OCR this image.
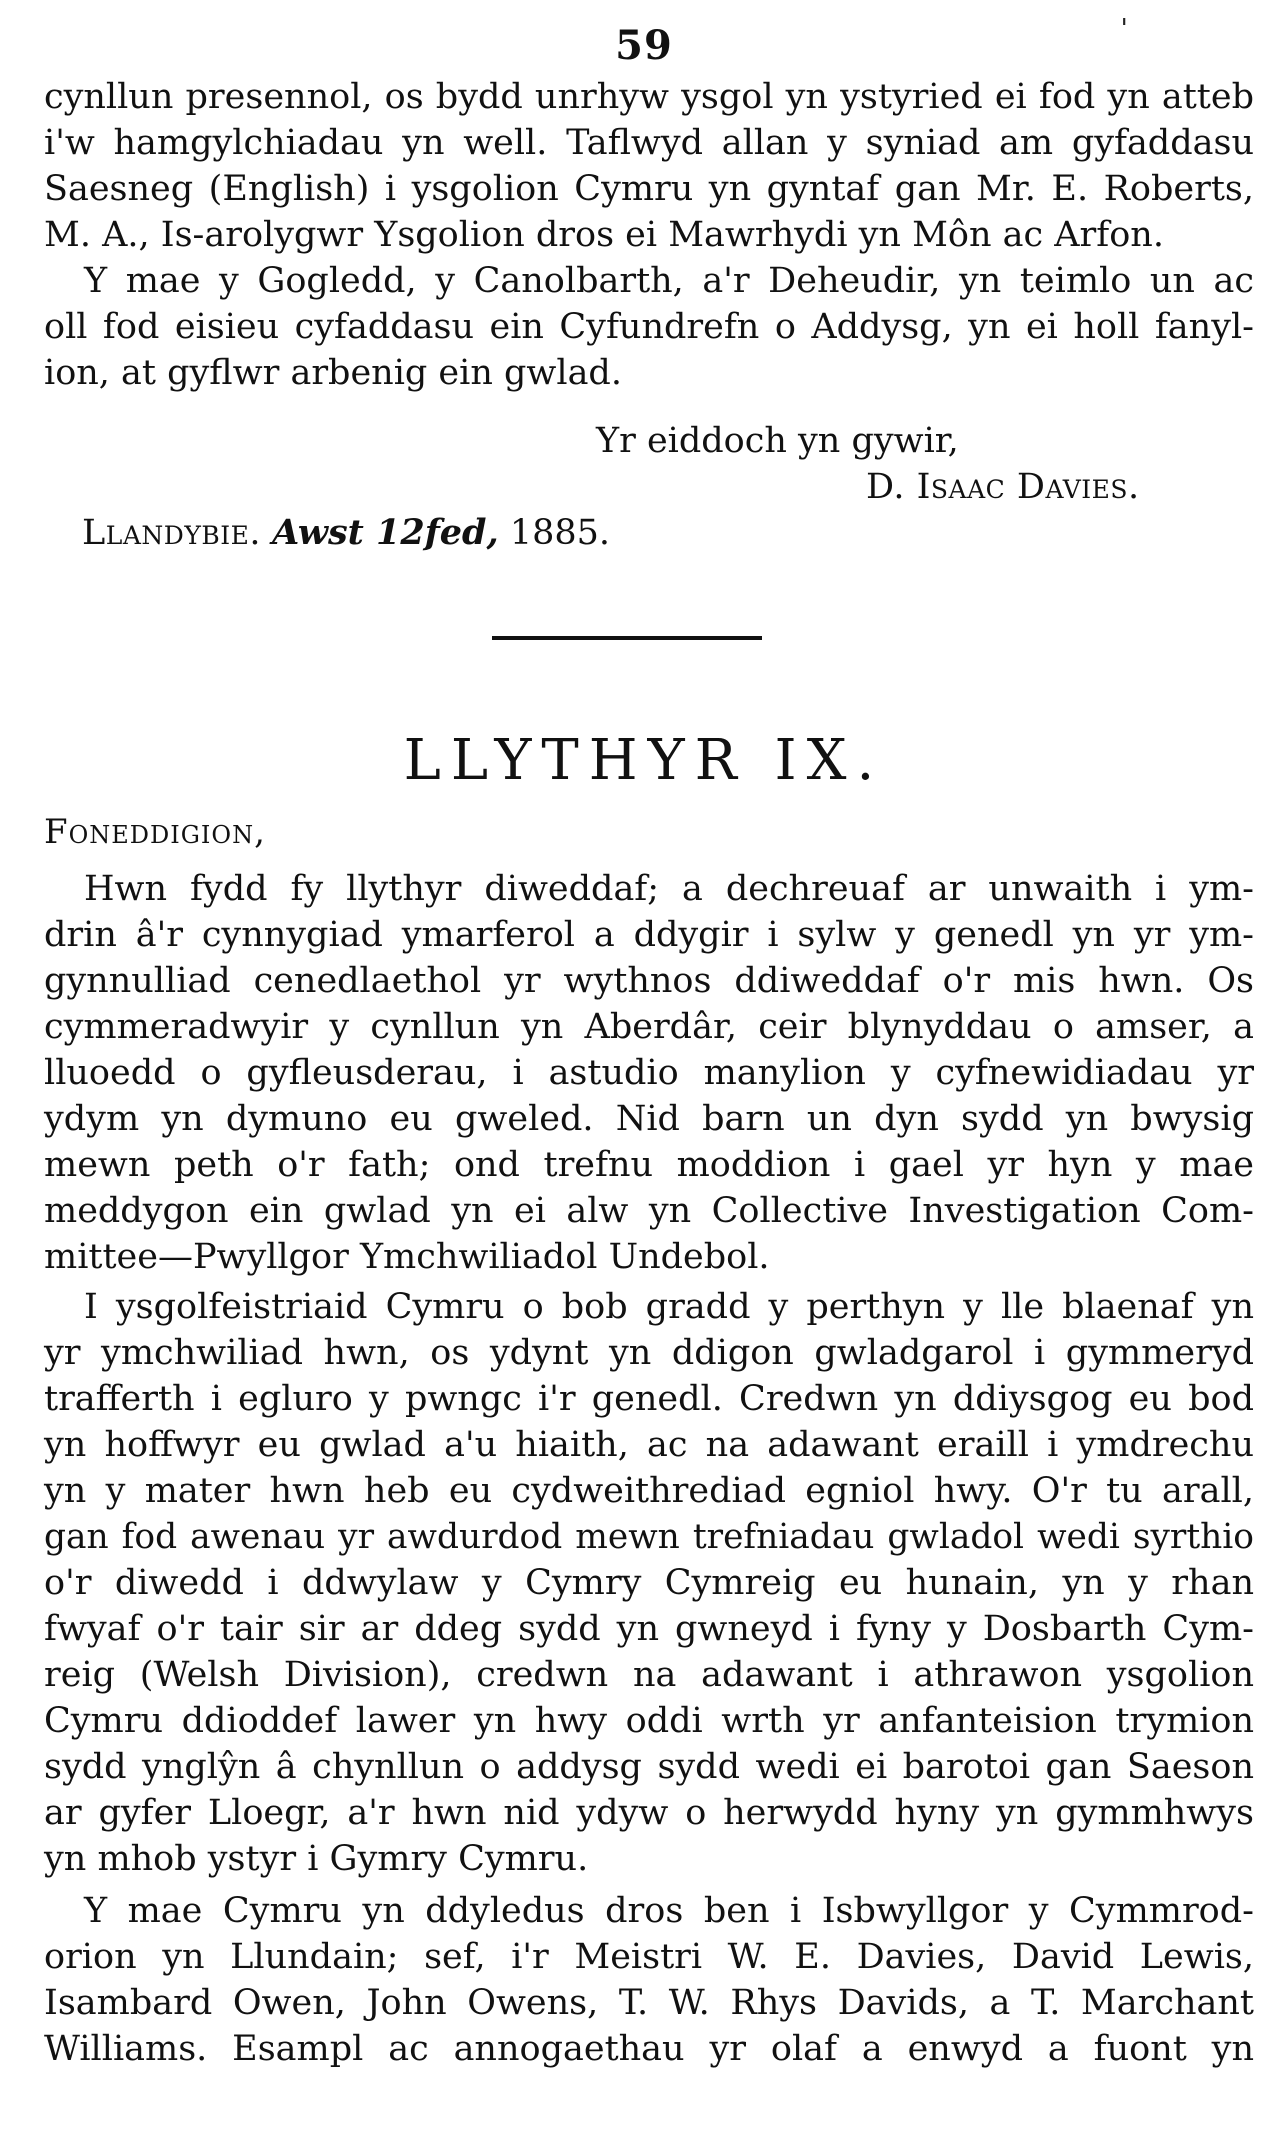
59	ˈ
cynllun presennol, os bydd unrhyw ysgol yn ystyried ei fod yn atteb
i'w hamgylchiadau yn well. Taflwyd allan y syniad am gyfaddasu
Saesneg (English) i ysgolion Cymru yn gyntaf gan Mr. E. Roberts,
M. A., Is-arolygwr Ysgolion dros ei Mawrhydi yn Môn ac Arfon.
Y mae y Gogledd, y Canolbarth, a'r Deheudir, yn teimlo un ac
oll fod eisieu cyfaddasu ein Cyfundrefn o Addysg, yn ei holl fanyl-
ion, at gyflwr arbenig ein gwlad.
Yr eiddoch yn gywir,
D. Isaac Davies.
Llandybie. Awst 12fed, 1885.
LLYTHYR IX.
Foneddigion,
Hwn fydd fy llythyr diweddaf; a dechreuaf ar unwaith i ym-
drin â'r cynnygiad ymarferol a ddygir i sylw y genedl yn yr ym-
gynnulliad cenedlaethol yr wythnos ddiweddaf o'r mis hwn. Os
cymmeradwyir y cynllun yn Aberdâr, ceir blynyddau o amser, a
lluoedd o gyfleusderau, i astudio manylion y cyfnewidiadau yr
ydym yn dymuno eu gweled. Nid barn un dyn sydd yn bwysig
mewn peth o'r fath; ond trefnu moddion i gael yr hyn y mae
meddygon ein gwlad yn ei alw yn Collective Investigation Com-
mittee—Pwyllgor Ymchwiliadol Undebol.
I ysgolfeistriaid Cymru o bob gradd y perthyn y lle blaenaf yn
yr ymchwiliad hwn, os ydynt yn ddigon gwladgarol i gymmeryd
trafferth i egluro y pwngc i'r genedl. Credwn yn ddiysgog eu bod
yn hoffwyr eu gwlad a'u hiaith, ac na adawant eraill i ymdrechu
yn y mater hwn heb eu cydweithrediad egniol hwy. O'r tu arall,
gan fod awenau yr awdurdod mewn trefniadau gwladol wedi syrthio
o'r diwedd i ddwylaw y Cymry Cymreig eu hunain, yn y rhan
fwyaf o'r tair sir ar ddeg sydd yn gwneyd i fyny y Dosbarth Cym-
reig (Welsh Division), credwn na adawant i athrawon ysgolion
Cymru ddioddef lawer yn hwy oddi wrth yr anfanteision trymion
sydd ynglŷn â chynllun o addysg sydd wedi ei barotoi gan Saeson
ar gyfer Lloegr, a'r hwn nid ydyw o herwydd hyny yn gymmhwys
yn mhob ystyr i Gymry Cymru.
Y mae Cymru yn ddyledus dros ben i Isbwyllgor y Cymmrod-
orion yn Llundain; sef, i'r Meistri W. E. Davies, David Lewis,
Isambard Owen, John Owens, T. W. Rhys Davids, a T. Marchant
Williams. Esampl ac annogaethau yr olaf a enwyd a fuont yn
